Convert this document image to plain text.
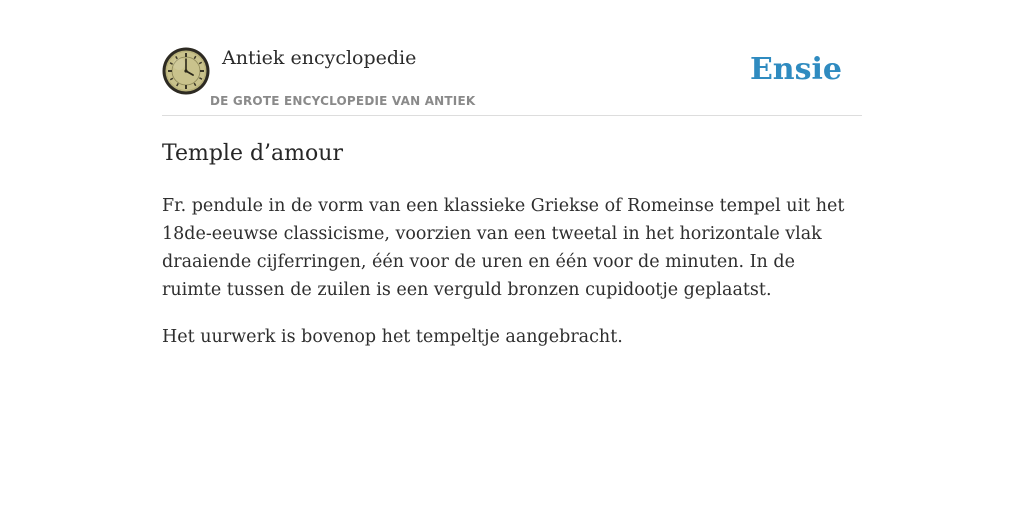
Antiek encyclopedie
DE GROTE ENCYCLOPEDIE VAN ANTIEK
Ensie
Temple d’amour

Fr. pendule in de vorm van een klassieke Griekse of Romeinse tempel uit het 18de-eeuwse classicisme, voorzien van een tweetal in het horizontale vlak draaiende cijferringen, één voor de uren en één voor de minuten. In de ruimte tussen de zuilen is een verguld bronzen cupidootje geplaatst.

Het uurwerk is bovenop het tempeltje aangebracht.
